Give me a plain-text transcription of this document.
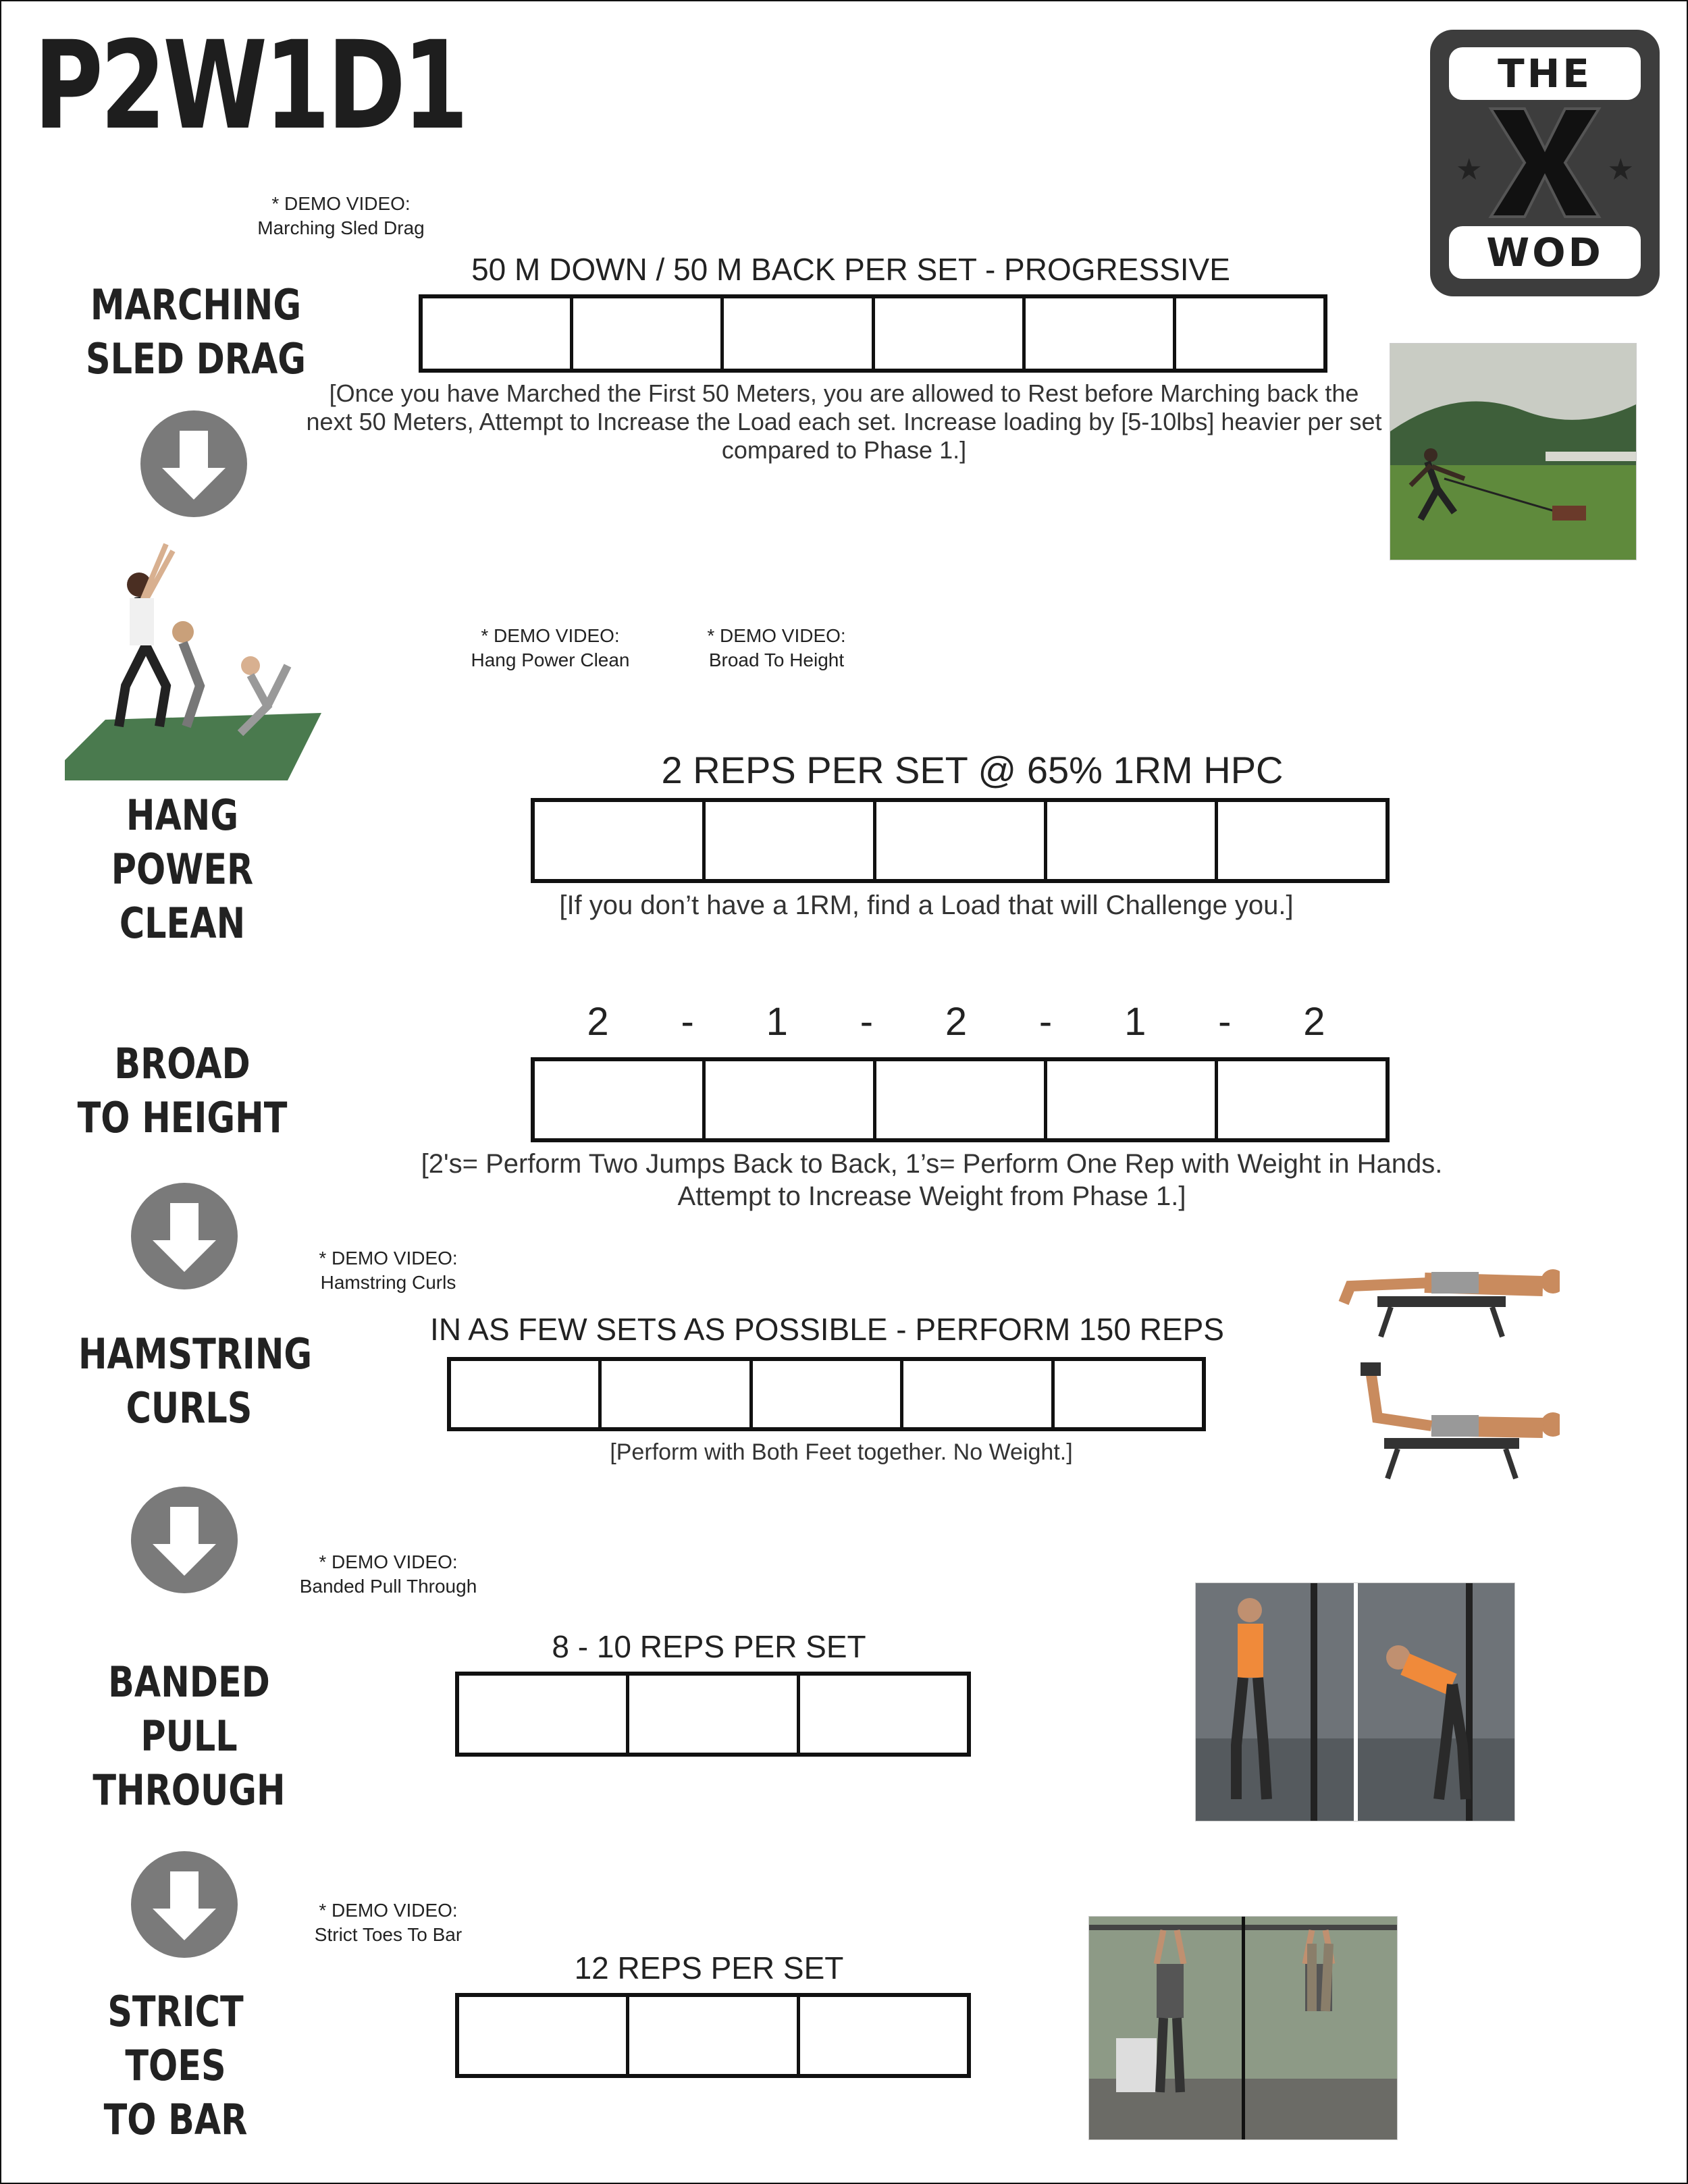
P2W1D1	THE
★	★
WOD
* DEMO VIDEO:
Marching Sled Drag
MARCHING
SLED DRAG
50 M DOWN / 50 M BACK PER SET - PROGRESSIVE
[Once you have Marched the First 50 Meters, you are allowed to Rest before Marching back the next 50 Meters, Attempt to Increase the Load each set. Increase loading by [5-10lbs] heavier per set compared to Phase 1.]
* DEMO VIDEO:
Hang Power Clean
* DEMO VIDEO:
Broad To Height
HANG POWER
CLEAN
2 REPS PER SET @ 65% 1RM HPC
[If you don’t have a 1RM, find a Load that will Challenge you.]
BROAD
TO HEIGHT
2 - 1 - 2 - 1 - 2
[2's= Perform Two Jumps Back to Back, 1’s= Perform One Rep with Weight in Hands. Attempt to Increase Weight from Phase 1.]
* DEMO VIDEO:
Hamstring Curls
HAMSTRING
CURLS
IN AS FEW SETS AS POSSIBLE - PERFORM 150 REPS
[Perform with Both Feet together. No Weight.]
* DEMO VIDEO:
Banded Pull Through
BANDED
PULL THROUGH
8 - 10 REPS PER SET
* DEMO VIDEO:
Strict Toes To Bar
STRICT TOES
TO BAR
12 REPS PER SET
